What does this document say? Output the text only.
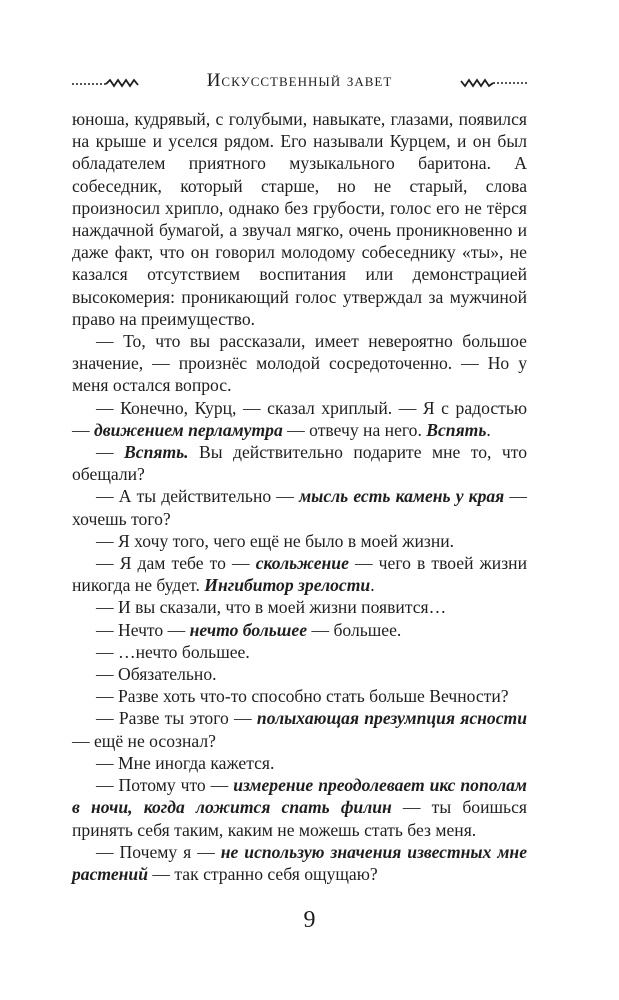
Искусственный завет

юноша, кудрявый, с голубыми, навыкате, глазами, появился на крыше и уселся рядом. Его называли Курцем, и он был обладателем приятного музыкального баритона. А собеседник, который старше, но не старый, слова произносил хрипло, однако без грубости, голос его не тёрся наждачной бумагой, а звучал мягко, очень проникновенно и даже факт, что он говорил молодому собеседнику «ты», не казался отсутствием воспитания или демонстрацией высокомерия: проникающий голос утверждал за мужчиной право на преимущество.

— То, что вы рассказали, имеет невероятно большое значение, — произнёс молодой сосредоточенно. — Но у меня остался вопрос.

— Конечно, Курц, — сказал хриплый. — Я с радостью — движением перламутра — отвечу на него. Вспять.

— Вспять. Вы действительно подарите мне то, что обещали?

— А ты действительно — мысль есть камень у края — хочешь того?

— Я хочу того, чего ещё не было в моей жизни.

— Я дам тебе то — скольжение — чего в твоей жизни никогда не будет. Ингибитор зрелости.

— И вы сказали, что в моей жизни появится…

— Нечто — нечто большее — большее.

— …нечто большее.

— Обязательно.

— Разве хоть что-то способно стать больше Вечности?

— Разве ты этого — полыхающая презумпция ясности — ещё не осознал?

— Мне иногда кажется.

— Потому что — измерение преодолевает икс пополам в ночи, когда ложится спать филин — ты боишься принять себя таким, каким не можешь стать без меня.

— Почему я — не использую значения известных мне растений — так странно себя ощущаю?

9
